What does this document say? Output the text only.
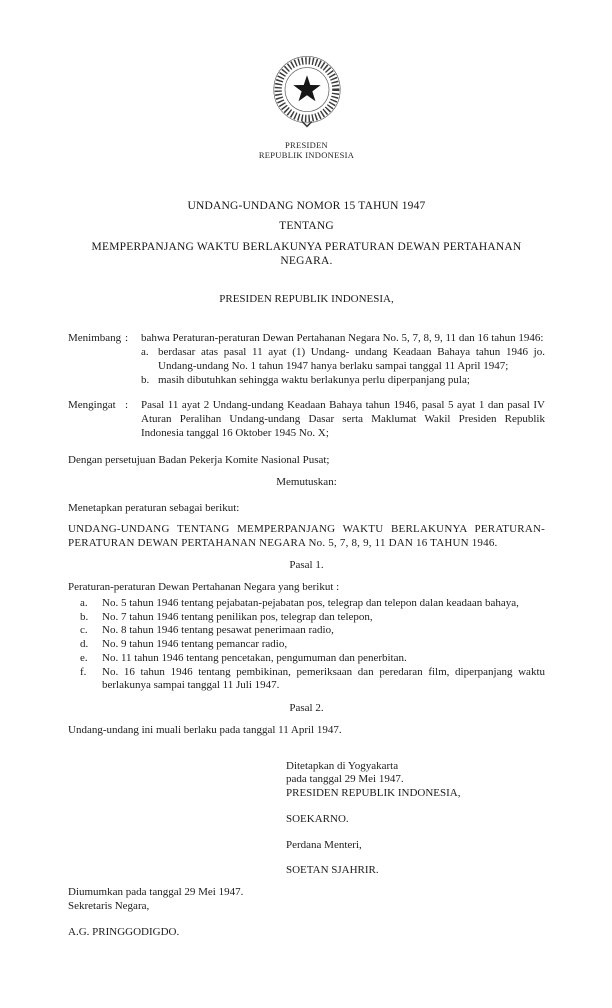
PRESIDEN
REPUBLIK INDONESIA
UNDANG-UNDANG NOMOR 15 TAHUN 1947
TENTANG
MEMPERPANJANG WAKTU BERLAKUNYA PERATURAN DEWAN PERTAHANAN NEGARA.
PRESIDEN REPUBLIK INDONESIA,
Menimbang :	bahwa Peraturan-peraturan Dewan Pertahanan Negara No. 5, 7, 8, 9, 11 dan 16 tahun 1946:
a. berdasar atas pasal 11 ayat (1) Undang- undang Keadaan Bahaya tahun 1946 jo. Undang-undang No. 1 tahun 1947 hanya berlaku sampai tanggal 11 April 1947;
b. masih dibutuhkan sehingga waktu berlakunya perlu diperpanjang pula;
Mengingat :	Pasal 11 ayat 2 Undang-undang Keadaan Bahaya tahun 1946, pasal 5 ayat 1 dan pasal IV Aturan Peralihan Undang-undang Dasar serta Maklumat Wakil Presiden Republik Indonesia tanggal 16 Oktober 1945 No. X;
Dengan persetujuan Badan Pekerja Komite Nasional Pusat;
Memutuskan:
Menetapkan peraturan sebagai berikut:
UNDANG-UNDANG TENTANG MEMPERPANJANG WAKTU BERLAKUNYA PERATURAN-PERATURAN DEWAN PERTAHANAN NEGARA No. 5, 7, 8, 9, 11 DAN 16 TAHUN 1946.
Pasal 1.
Peraturan-peraturan Dewan Pertahanan Negara yang berikut :
a.	No. 5 tahun 1946 tentang pejabatan-pejabatan pos, telegrap dan telepon dalan keadaan bahaya,
b.	No. 7 tahun 1946 tentang penilikan pos, telegrap dan telepon,
c.	No. 8 tahun 1946 tentang pesawat penerimaan radio,
d.	No. 9 tahun 1946 tentang pemancar radio,
e.	No. 11 tahun 1946 tentang pencetakan, pengumuman dan penerbitan.
f.	No. 16 tahun 1946 tentang pembikinan, pemeriksaan dan peredaran film, diperpanjang waktu berlakunya sampai tanggal 11 Juli 1947.
Pasal 2.
Undang-undang ini muali berlaku pada tanggal 11 April 1947.
Ditetapkan di Yogyakarta
pada tanggal 29 Mei 1947.
PRESIDEN REPUBLIK INDONESIA,
SOEKARNO.
Perdana Menteri,
SOETAN SJAHRIR.
Diumumkan pada tanggal 29 Mei 1947.
Sekretaris Negara,
A.G. PRINGGODIGDO.
